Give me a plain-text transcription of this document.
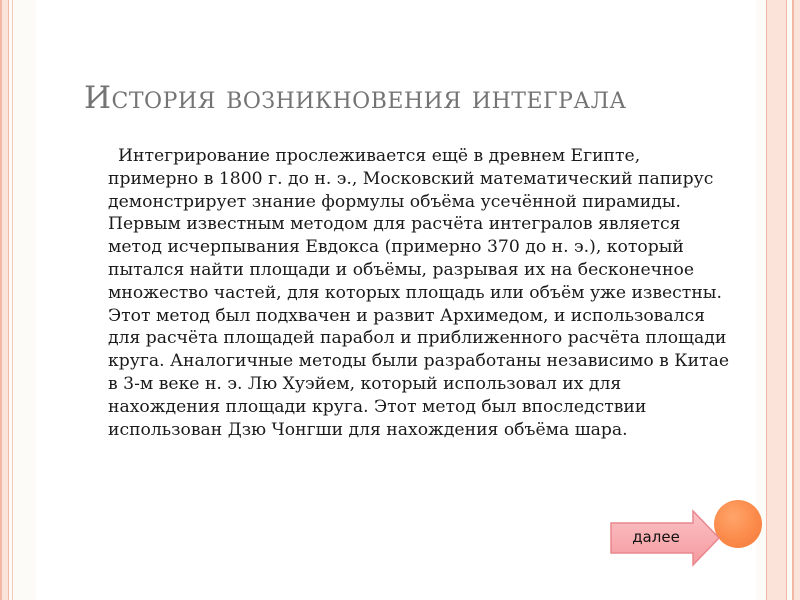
История возникновения интеграла

Интегрирование прослеживается ещё в древнем Египте, примерно в 1800 г. до н. э., Московский математический папирус демонстрирует знание формулы объёма усечённой пирамиды. Первым известным методом для расчёта интегралов является метод исчерпывания Евдокса (примерно 370 до н. э.), который пытался найти площади и объёмы, разрывая их на бесконечное множество частей, для которых площадь или объём уже известны. Этот метод был подхвачен и развит Архимедом, и использовался для расчёта площадей парабол и приближенного расчёта площади круга. Аналогичные методы были разработаны независимо в Китае в 3-м веке н. э. Лю Хуэйем, который использовал их для нахождения площади круга. Этот метод был впоследствии использован Дзю Чонгши для нахождения объёма шара.

далее
